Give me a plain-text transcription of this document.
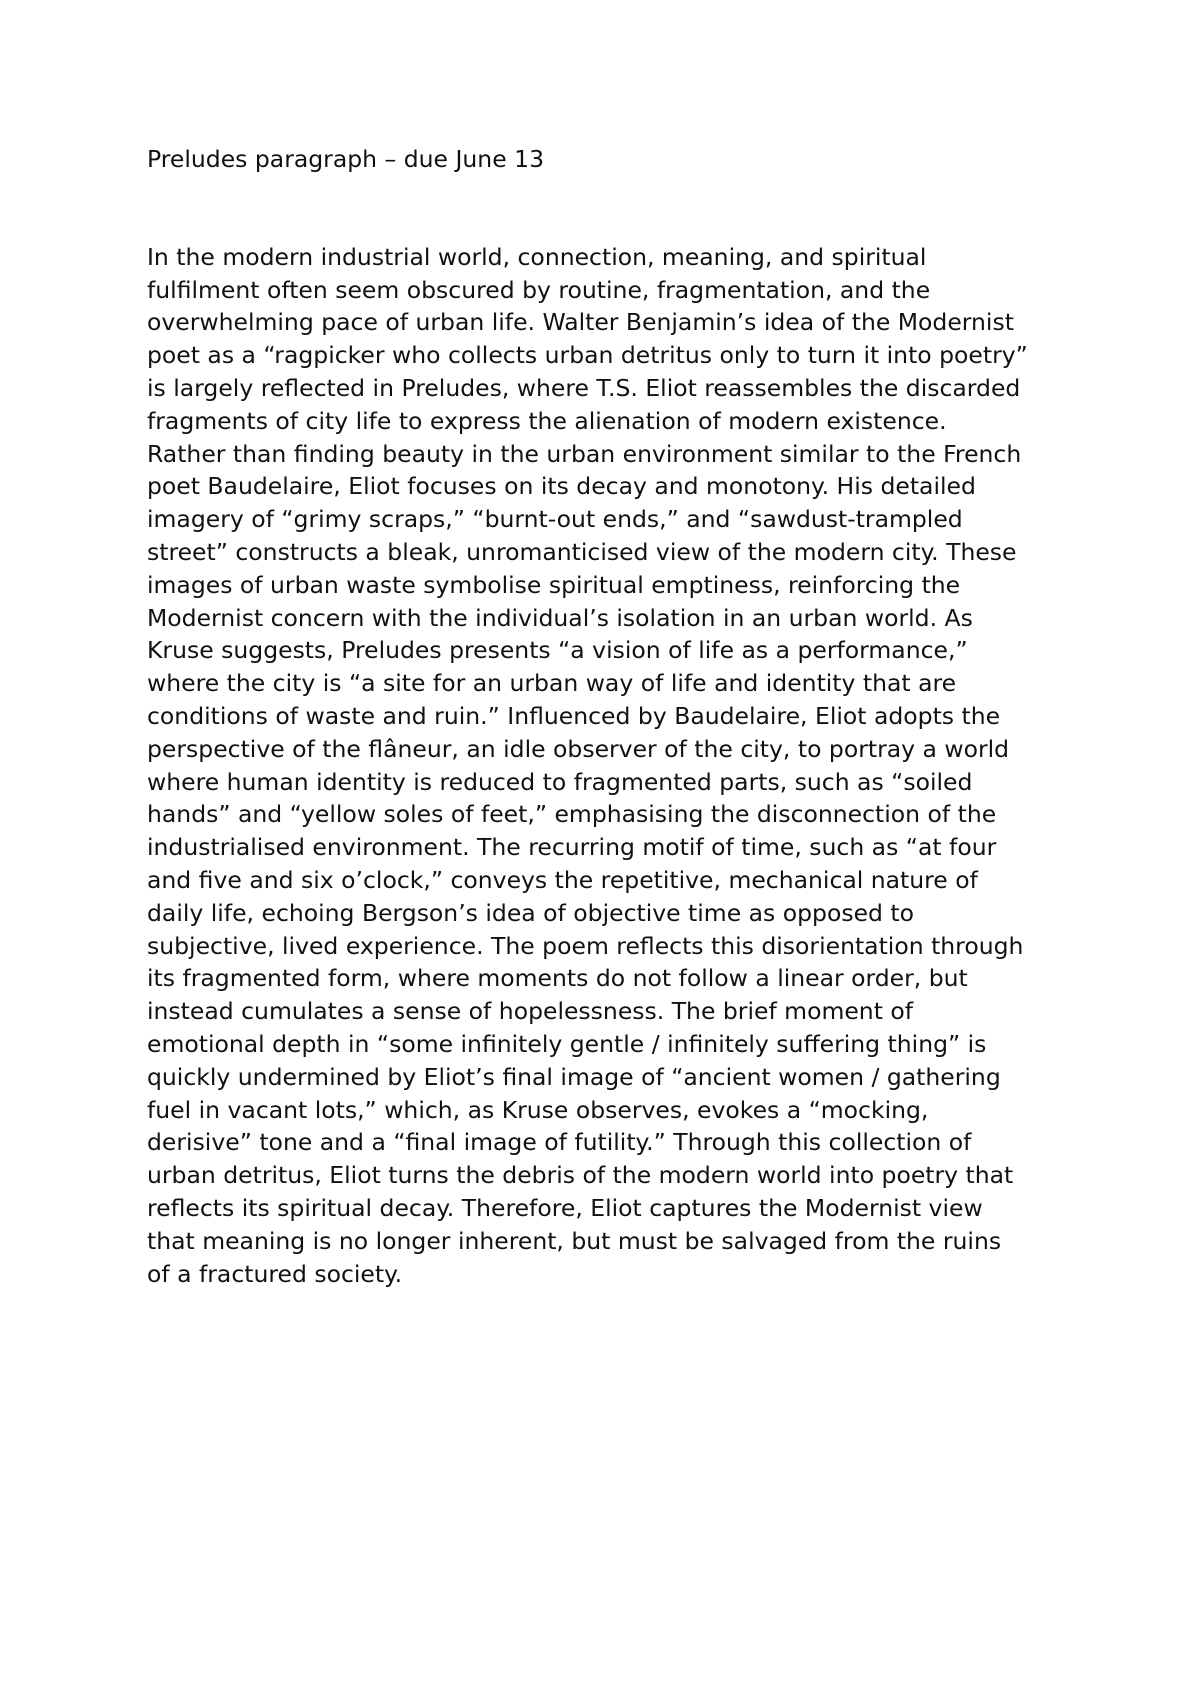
Preludes paragraph – due June 13
In the modern industrial world, connection, meaning, and spiritual
fulfilment often seem obscured by routine, fragmentation, and the
overwhelming pace of urban life. Walter Benjamin’s idea of the Modernist
poet as a “ragpicker who collects urban detritus only to turn it into poetry”
is largely reflected in Preludes, where T.S. Eliot reassembles the discarded
fragments of city life to express the alienation of modern existence.
Rather than finding beauty in the urban environment similar to the French
poet Baudelaire, Eliot focuses on its decay and monotony. His detailed
imagery of “grimy scraps,” “burnt-out ends,” and “sawdust-trampled
street” constructs a bleak, unromanticised view of the modern city. These
images of urban waste symbolise spiritual emptiness, reinforcing the
Modernist concern with the individual’s isolation in an urban world. As
Kruse suggests, Preludes presents “a vision of life as a performance,”
where the city is “a site for an urban way of life and identity that are
conditions of waste and ruin.” Influenced by Baudelaire, Eliot adopts the
perspective of the flâneur, an idle observer of the city, to portray a world
where human identity is reduced to fragmented parts, such as “soiled
hands” and “yellow soles of feet,” emphasising the disconnection of the
industrialised environment. The recurring motif of time, such as “at four
and five and six o’clock,” conveys the repetitive, mechanical nature of
daily life, echoing Bergson’s idea of objective time as opposed to
subjective, lived experience. The poem reflects this disorientation through
its fragmented form, where moments do not follow a linear order, but
instead cumulates a sense of hopelessness. The brief moment of
emotional depth in “some infinitely gentle / infinitely suffering thing” is
quickly undermined by Eliot’s final image of “ancient women / gathering
fuel in vacant lots,” which, as Kruse observes, evokes a “mocking,
derisive” tone and a “final image of futility.” Through this collection of
urban detritus, Eliot turns the debris of the modern world into poetry that
reflects its spiritual decay. Therefore, Eliot captures the Modernist view
that meaning is no longer inherent, but must be salvaged from the ruins
of a fractured society.
